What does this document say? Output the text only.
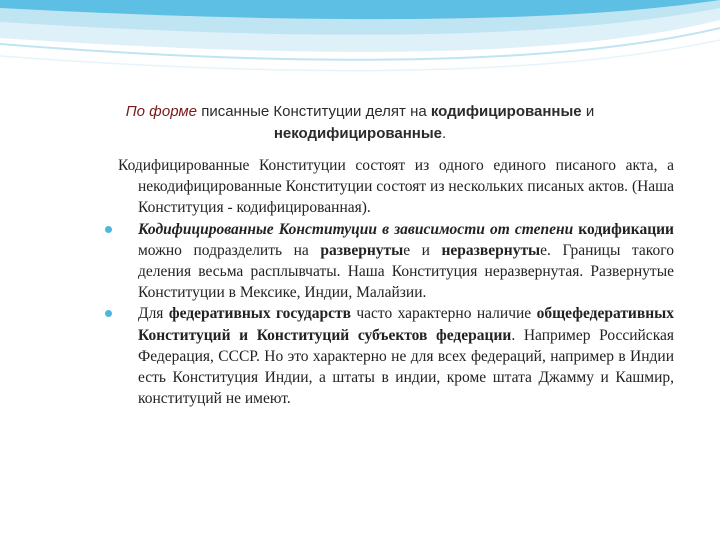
По форме писанные Конституции делят на кодифицированные и
некодифицированные.

Кодифицированные Конституции состоят из одного единого писаного акта, а некодифицированные Конституции состоят из нескольких писаных актов. (Наша Конституция - кодифицированная).

Кодифицированные Конституции в зависимости от степени кодификации можно подразделить на развернутые и неразвернутые. Границы такого деления весьма расплывчаты. Наша Конституция неразвернутая. Развернутые Конституции в Мексике, Индии, Малайзии.

Для федеративных государств часто характерно наличие общефедеративных Конституций и Конституций субъектов федерации. Например Российская Федерация, СССР. Но это характерно не для всех федераций, например в Индии есть Конституция Индии, а штаты в индии, кроме штата Джамму и Кашмир, конституций не имеют.
